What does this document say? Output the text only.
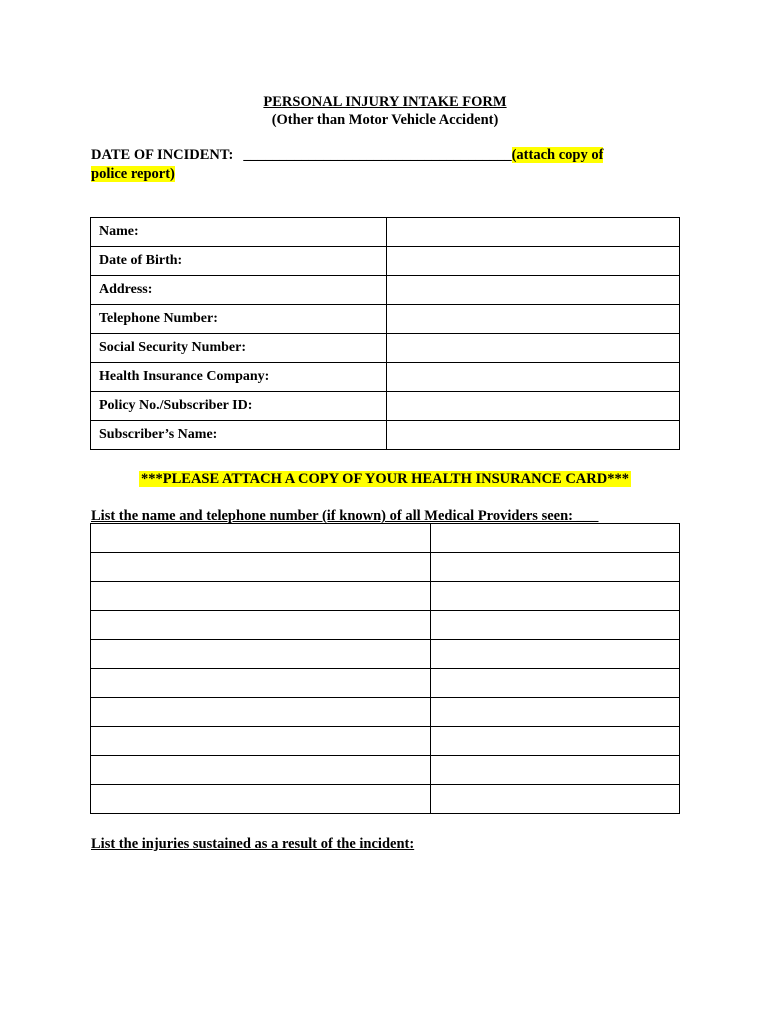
PERSONAL INJURY INTAKE FORM
(Other than Motor Vehicle Accident)
DATE OF INCIDENT: _____________________________________(attach copy of
police report)
Name:	
Date of Birth:	
Address:	
Telephone Number:	
Social Security Number:	
Health Insurance Company:	
Policy No./Subscriber ID:	
Subscriber’s Name:	
***PLEASE ATTACH A COPY OF YOUR HEALTH INSURANCE CARD***
List the name and telephone number (if known) of all Medical Providers seen: ___

List the injuries sustained as a result of the incident:
